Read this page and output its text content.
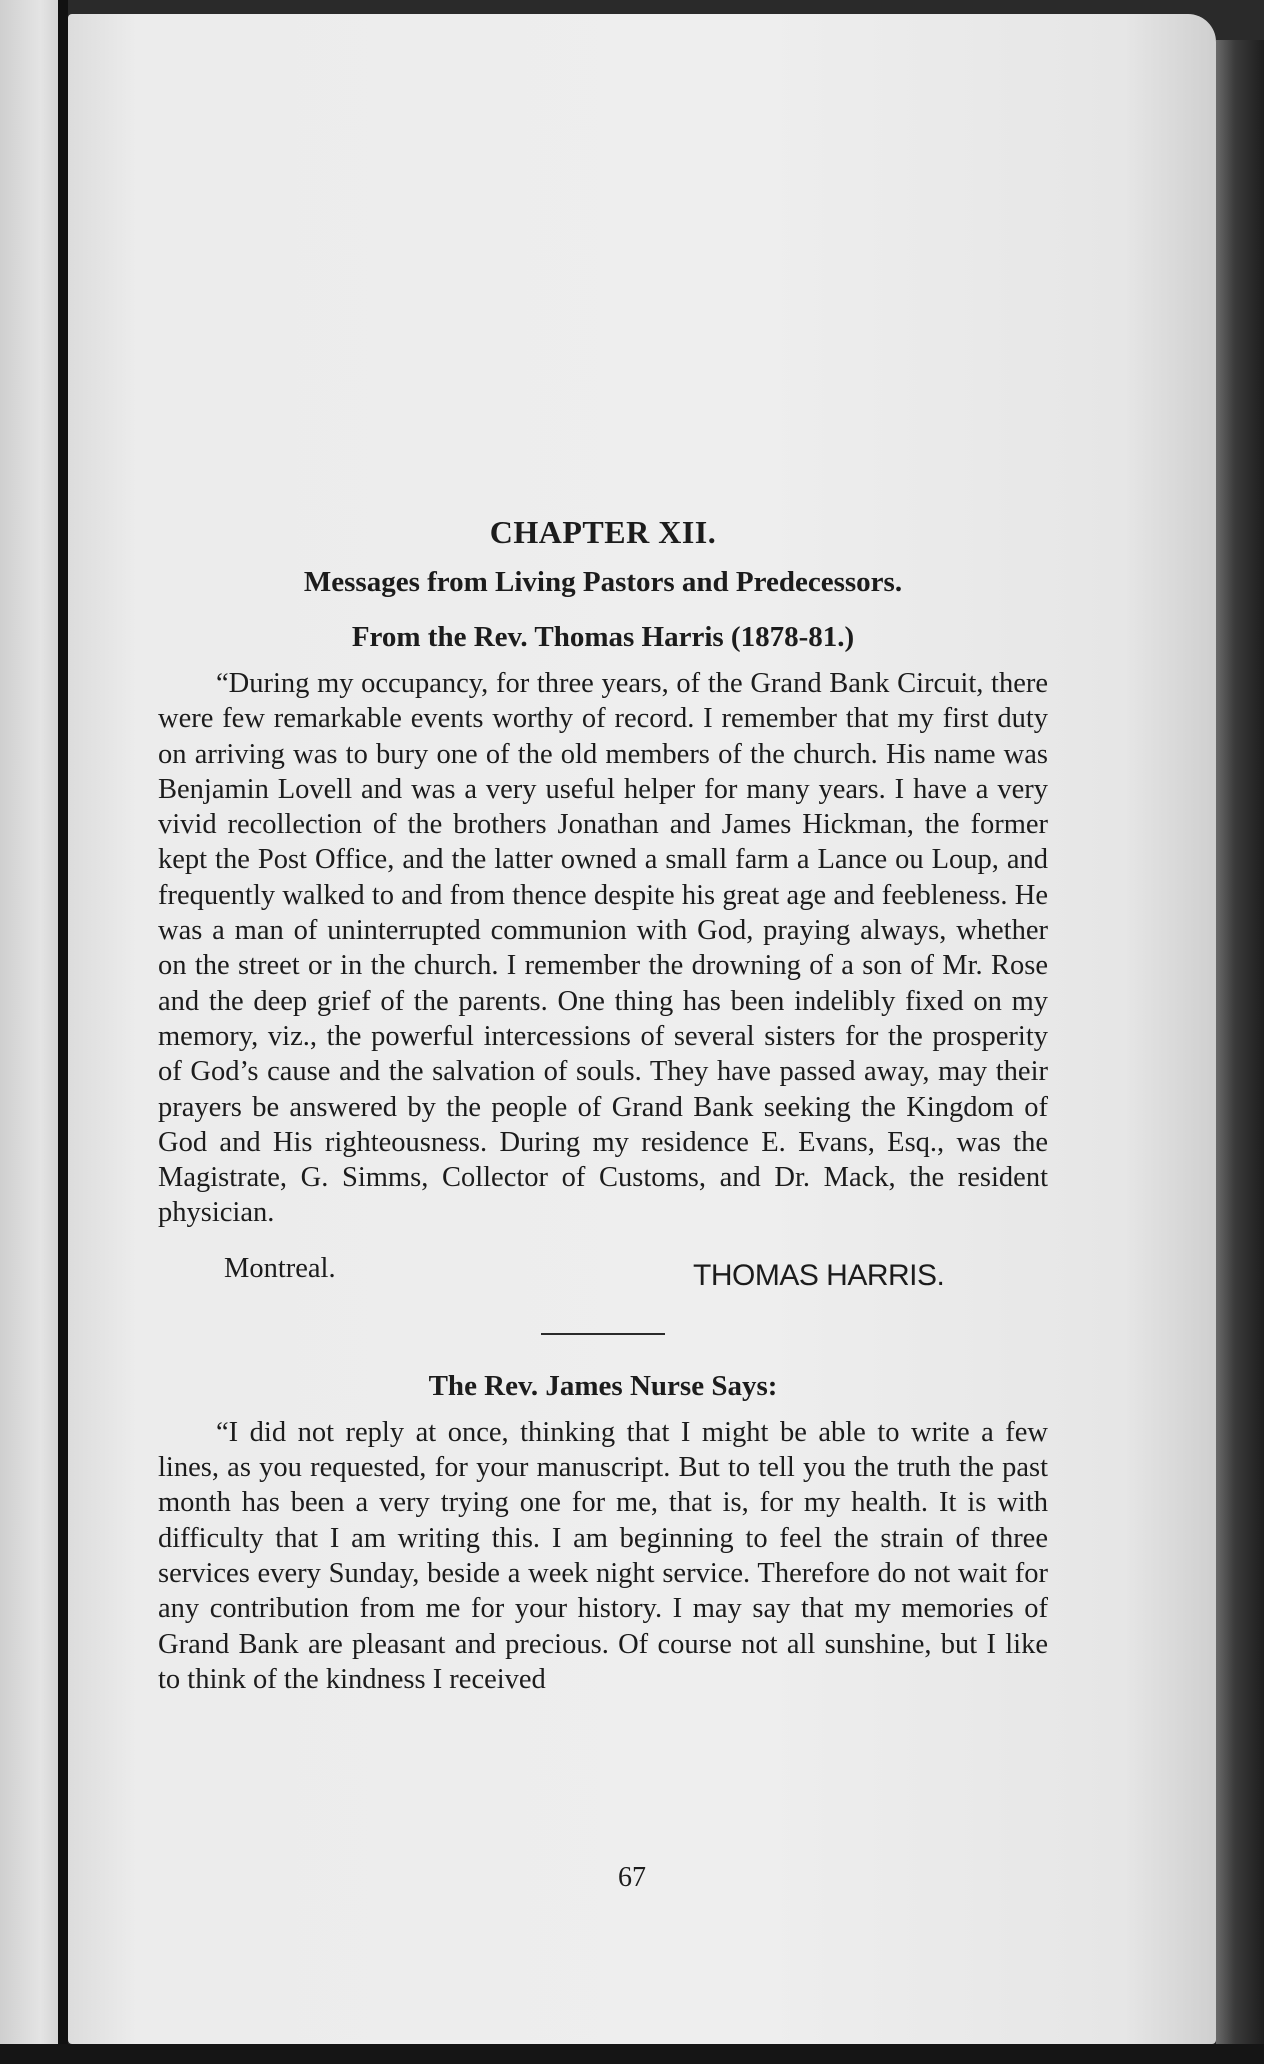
CHAPTER XII.
Messages from Living Pastors and Predecessors.
From the Rev. Thomas Harris (1878-81.)

“During my occupancy, for three years, of the Grand Bank Circuit, there were few remarkable events worthy of record. I remember that my first duty on arriving was to bury one of the old members of the church. His name was Benjamin Lovell and was a very useful helper for many years. I have a very vivid recollection of the brothers Jonathan and James Hickman, the former kept the Post Office, and the latter owned a small farm a Lance ou Loup, and frequently walked to and from thence despite his great age and feebleness. He was a man of uninterrupted communion with God, praying always, whether on the street or in the church. I remember the drowning of a son of Mr. Rose and the deep grief of the parents. One thing has been indelibly fixed on my memory, viz., the powerful intercessions of several sisters for the prosperity of God’s cause and the salvation of souls. They have passed away, may their prayers be answered by the people of Grand Bank seeking the Kingdom of God and His righteousness. During my residence E. Evans, Esq., was the Magistrate, G. Simms, Collector of Customs, and Dr. Mack, the resident physician.

Montreal.	THOMAS HARRIS.
The Rev. James Nurse Says:

“I did not reply at once, thinking that I might be able to write a few lines, as you requested, for your manuscript. But to tell you the truth the past month has been a very trying one for me, that is, for my health. It is with difficulty that I am writing this. I am beginning to feel the strain of three services every Sunday, beside a week night service. Therefore do not wait for any contribution from me for your history. I may say that my memories of Grand Bank are pleasant and precious. Of course not all sunshine, but I like to think of the kindness I received

67
